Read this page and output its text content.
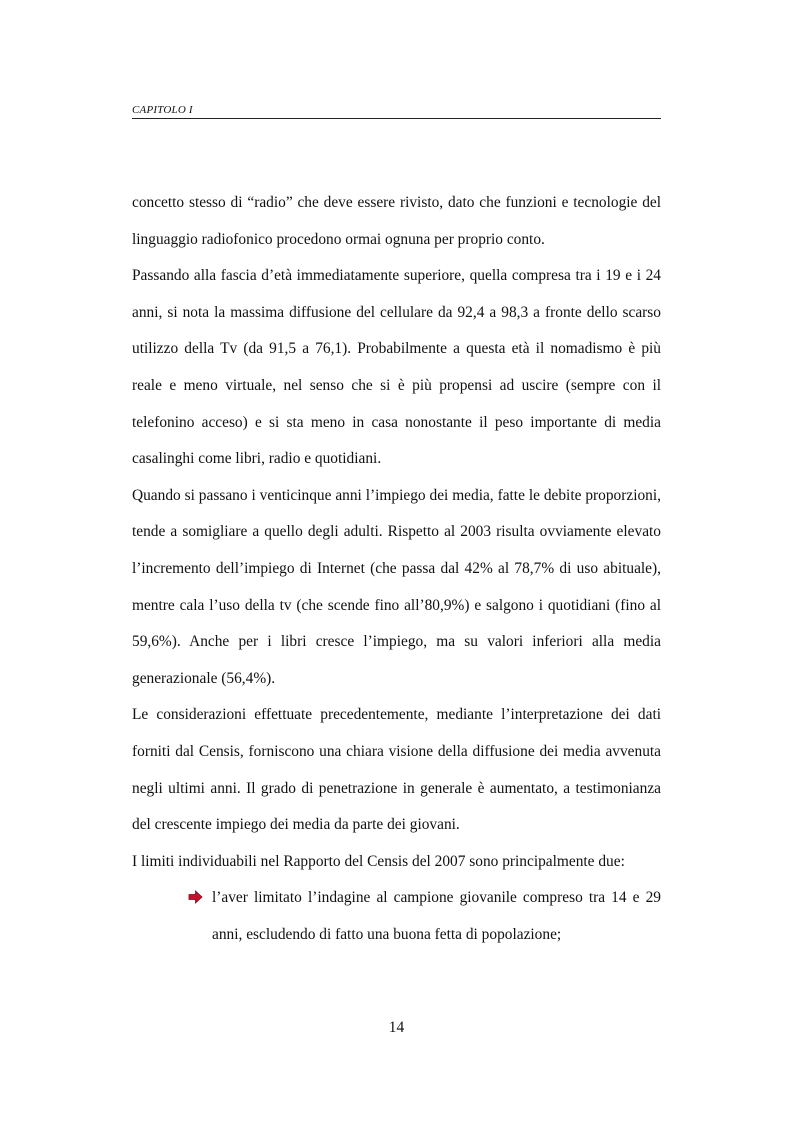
CAPITOLO I

concetto stesso di “radio” che deve essere rivisto, dato che funzioni e tecnologie del linguaggio radiofonico procedono ormai ognuna per proprio conto.

Passando alla fascia d’età immediatamente superiore, quella compresa tra i 19 e i 24 anni, si nota la massima diffusione del cellulare da 92,4 a 98,3 a fronte dello scarso utilizzo della Tv (da 91,5 a 76,1). Probabilmente a questa età il nomadismo è più reale e meno virtuale, nel senso che si è più propensi ad uscire (sempre con il telefonino acceso) e si sta meno in casa nonostante il peso importante di media casalinghi come libri, radio e quotidiani.

Quando si passano i venticinque anni l’impiego dei media, fatte le debite proporzioni, tende a somigliare a quello degli adulti. Rispetto al 2003 risulta ovviamente elevato l’incremento dell’impiego di Internet (che passa dal 42% al 78,7% di uso abituale), mentre cala l’uso della tv (che scende fino all’80,9%) e salgono i quotidiani (fino al 59,6%). Anche per i libri cresce l’impiego, ma su valori inferiori alla media generazionale (56,4%).

Le considerazioni effettuate precedentemente, mediante l’interpretazione dei dati forniti dal Censis, forniscono una chiara visione della diffusione dei media avvenuta negli ultimi anni. Il grado di penetrazione in generale è aumentato, a testimonianza del crescente impiego dei media da parte dei giovani.

I limiti individuabili nel Rapporto del Censis del 2007 sono principalmente due:

l’aver limitato l’indagine al campione giovanile compreso tra 14 e 29 anni, escludendo di fatto una buona fetta di popolazione;
14
